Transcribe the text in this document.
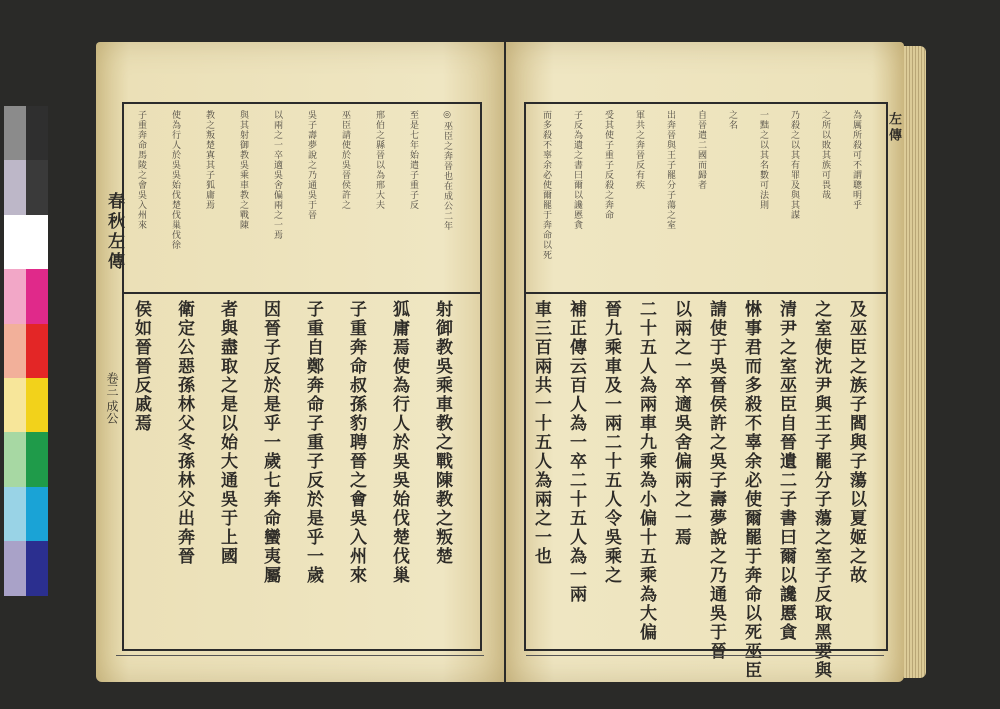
春秋左傳
卷三 成公
◎巫臣之奔晉也在成公二年
至是七年始遣子重子反
邢伯之縣晉以為邢大夫
巫臣請使於吳晉侯許之
吳子壽夢說之乃通吳于晉
以兩之一卒適吳舍偏兩之一焉
與其射御教吳乘車教之戰陳
教之叛楚寘其子狐庸焉
使為行人於吳吳始伐楚伐巢伐徐
子重奔命馬陵之會吳入州來
射御教吳乘車教之戰陳教之叛楚
狐庸焉使為行人於吳吳始伐楚伐巢
子重奔命叔孫豹聘晉之會吳入州來
子重自鄭奔命子重子反於是乎一歲
因晉子反於是乎一歲七奔命蠻夷屬
者與盡取之是以始大通吳于上國
衛定公惡孫林父冬孫林父出奔晉
侯如晉晉反戚焉
左傳
為厲所殺可不謂聰明乎
之所以敗其族可畏哉
乃殺之以其有罪及與其謀
一黜之以其名數可法則
之名
自晉遣二國而歸者
出奔晉與王子罷分子蕩之室
軍共之奔晉反有疾
受其使子重子反殺之奔命
子反為遺之書曰爾以讒慝貪
而多殺不辜余必使爾罷于奔命以死
及巫臣之族子閻與子蕩以夏姬之故
之室使沈尹與王子罷分子蕩之室子反取黑要與
清尹之室巫臣自晉遺二子書曰爾以讒慝貪
惏事君而多殺不辜余必使爾罷于奔命以死巫臣
請使于吳晉侯許之吳子壽夢說之乃通吳于晉
以兩之一卒適吳舍偏兩之一焉
二十五人為兩車九乘為小偏十五乘為大偏
晉九乘車及一兩二十五人令吳乘之
補正傳云百人為一卒二十五人為一兩
車三百兩共一十五人為兩之一也
